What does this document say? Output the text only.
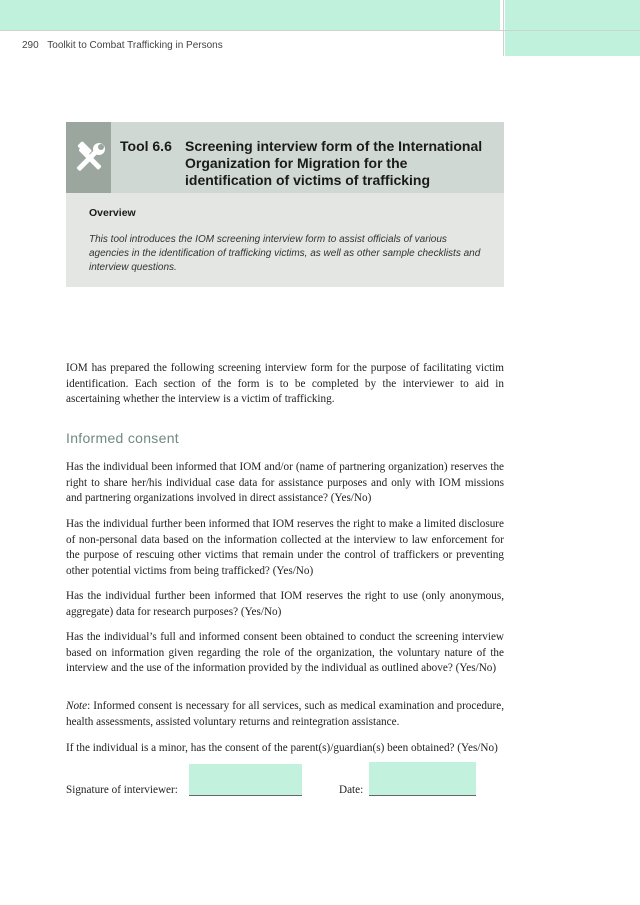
290 Toolkit to Combat Trafficking in Persons
Tool 6.6 Screening interview form of the International Organization for Migration for the identification of victims of trafficking
Overview
This tool introduces the IOM screening interview form to assist officials of various agencies in the identification of trafficking victims, as well as other sample checklists and interview questions.
IOM has prepared the following screening interview form for the purpose of facilitating victim identification. Each section of the form is to be completed by the interviewer to aid in ascertaining whether the interview is a victim of trafficking.
Informed consent
Has the individual been informed that IOM and/or (name of partnering organization) reserves the right to share her/his individual case data for assistance purposes and only with IOM missions and partnering organizations involved in direct assistance? (Yes/No)
Has the individual further been informed that IOM reserves the right to make a limited disclosure of non-personal data based on the information collected at the interview to law enforcement for the purpose of rescuing other victims that remain under the control of traffickers or preventing other potential victims from being trafficked? (Yes/No)
Has the individual further been informed that IOM reserves the right to use (only anonymous, aggregate) data for research purposes? (Yes/No)
Has the individual’s full and informed consent been obtained to conduct the screening interview based on information given regarding the role of the organization, the voluntary nature of the interview and the use of the information provided by the individual as outlined above? (Yes/No)
Note: Informed consent is necessary for all services, such as medical examination and procedure, health assessments, assisted voluntary returns and reintegration assistance.
If the individual is a minor, has the consent of the parent(s)/guardian(s) been obtained? (Yes/No)
Signature of interviewer:	Date:
